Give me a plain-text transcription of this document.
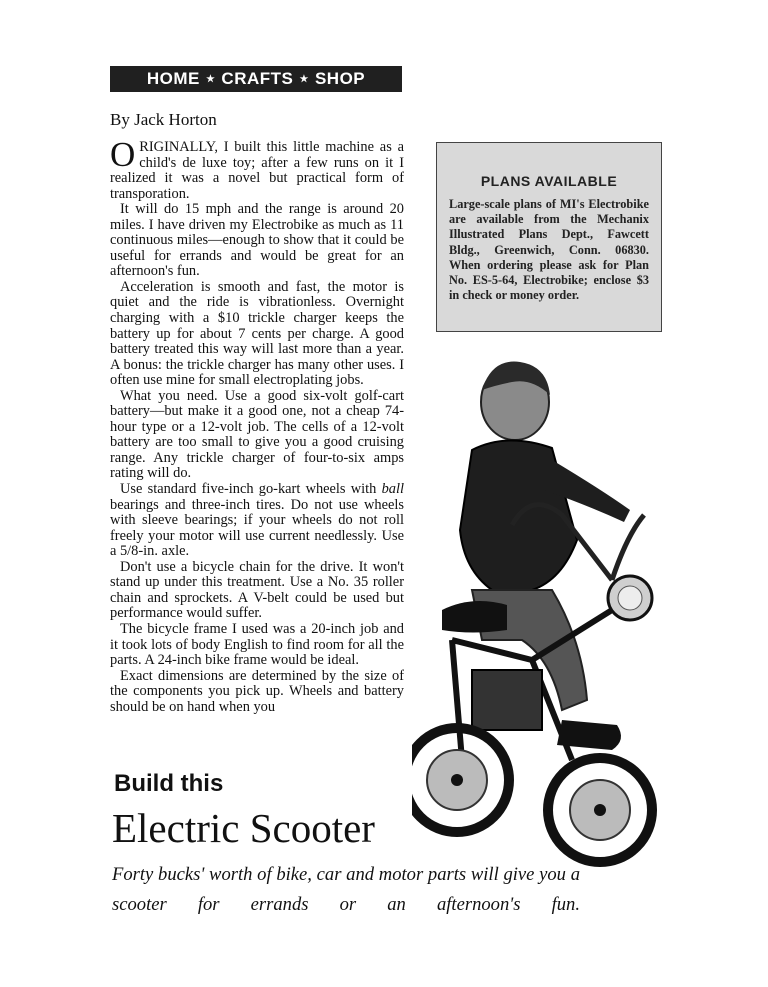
HOME ⋆ CRAFTS ⋆ SHOP
By Jack Horton

ORIGINALLY, I built this little machine as a child's de luxe toy; after a few runs on it I realized it was a novel but practical form of transporation.

It will do 15 mph and the range is around 20 miles. I have driven my Electrobike as much as 11 continuous miles—enough to show that it could be useful for errands and would be great for an afternoon's fun.

Acceleration is smooth and fast, the motor is quiet and the ride is vibrationless. Overnight charging with a $10 trickle charger keeps the battery up for about 7 cents per charge. A good battery treated this way will last more than a year. A bonus: the trickle charger has many other uses. I often use mine for small electroplating jobs.

What you need. Use a good six-volt golf-cart battery—but make it a good one, not a cheap 74-hour type or a 12-volt job. The cells of a 12-volt battery are too small to give you a good cruising range. Any trickle charger of four-to-six amps rating will do.

Use standard five-inch go-kart wheels with ball bearings and three-inch tires. Do not use wheels with sleeve bearings; if your wheels do not roll freely your motor will use current needlessly. Use a 5/8-in. axle.

Don't use a bicycle chain for the drive. It won't stand up under this treatment. Use a No. 35 roller chain and sprockets. A V-belt could be used but performance would suffer.

The bicycle frame I used was a 20-inch job and it took lots of body English to find room for all the parts. A 24-inch bike frame would be ideal.

Exact dimensions are determined by the size of the components you pick up. Wheels and battery should be on hand when you

PLANS AVAILABLE
Large-scale plans of MI's Electrobike are available from the Mechanix Illustrated Plans Dept., Fawcett Bldg., Greenwich, Conn. 06830. When ordering please ask for Plan No. ES-5-64, Electrobike; enclose $3 in check or money order.
Build this
Electric Scooter
Forty bucks' worth of bike, car and motor parts will give you a scooter for errands or an afternoon's fun.
